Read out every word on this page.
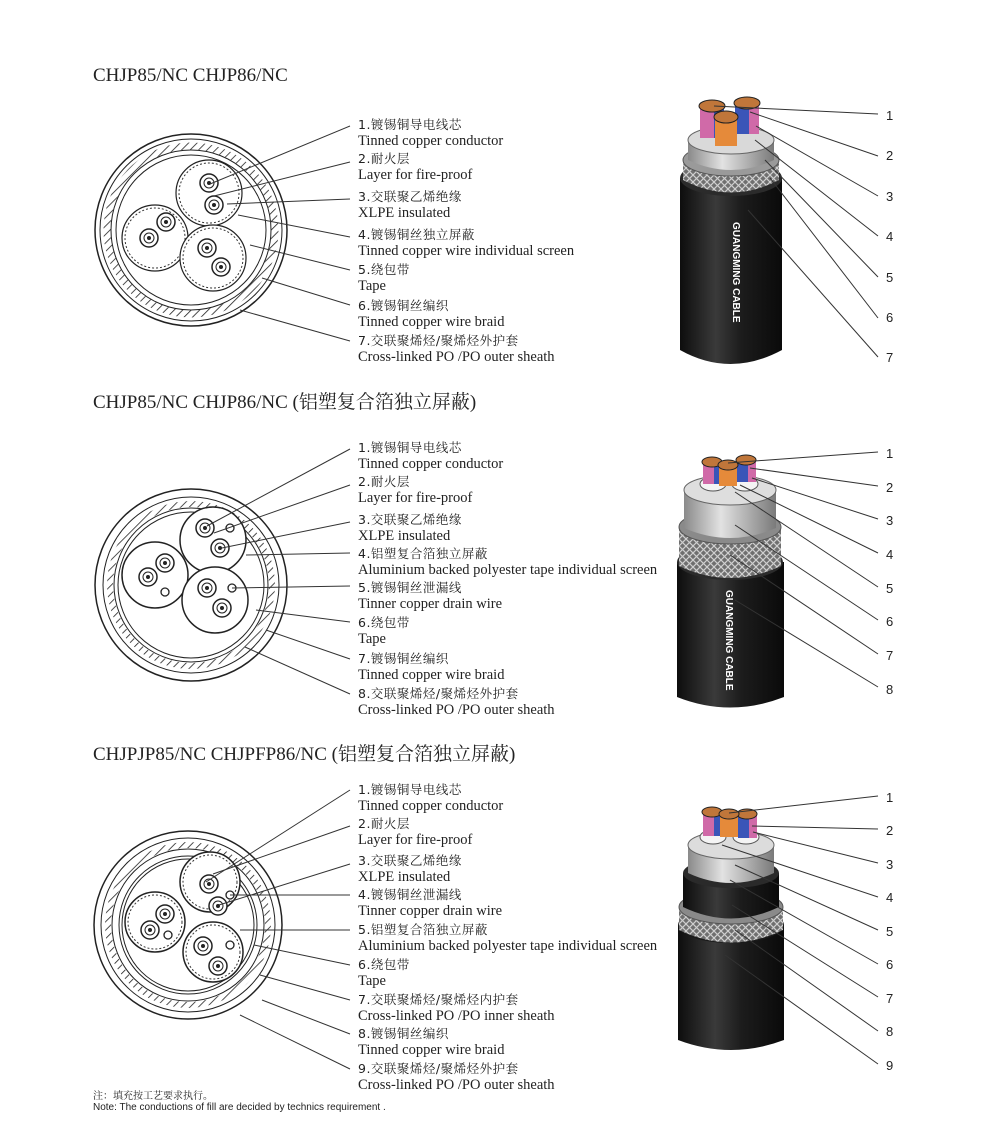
CHJP85/NC CHJP86/NC
CHJP85/NC CHJP86/NC (铝塑复合箔独立屏蔽)
CHJPJP85/NC CHJPFP86/NC (铝塑复合箔独立屏蔽)
1.镀锡铜导电线芯
Tinned copper conductor
2.耐火层
Layer for fire-proof
3.交联聚乙烯绝缘
XLPE insulated
4.镀锡铜丝独立屏蔽
Tinned copper wire individual screen
5.绕包带
Tape
6.镀锡铜丝编织
Tinned copper wire braid
7.交联聚烯烃/聚烯烃外护套
Cross-linked PO /PO outer sheath
1.镀锡铜导电线芯
Tinned copper conductor
2.耐火层
Layer for fire-proof
3.交联聚乙烯绝缘
XLPE insulated
4.铝塑复合箔独立屏蔽
Aluminium backed polyester tape individual screen
5.镀锡铜丝泄漏线
Tinner copper drain wire
6.绕包带
Tape
7.镀锡铜丝编织
Tinned copper wire braid
8.交联聚烯烃/聚烯烃外护套
Cross-linked PO /PO outer sheath
1.镀锡铜导电线芯
Tinned copper conductor
2.耐火层
Layer for fire-proof
3.交联聚乙烯绝缘
XLPE insulated
4.镀锡铜丝泄漏线
Tinner copper drain wire
5.铝塑复合箔独立屏蔽
Aluminium backed polyester tape individual screen
6.绕包带
Tape
7.交联聚烯烃/聚烯烃内护套
Cross-linked PO /PO inner sheath
8.镀锡铜丝编织
Tinned copper wire braid
9.交联聚烯烃/聚烯烃外护套
Cross-linked PO /PO outer sheath
1
2
3
4
5
6
7
1
2
3
4
5
6
7
8
1
2
3
4
5
6
7
8
9
注：填充按工艺要求执行。
Note: The conductions of fill are decided by technics requirement .
GUANGMING CABLE
GUANGMING CABLE
